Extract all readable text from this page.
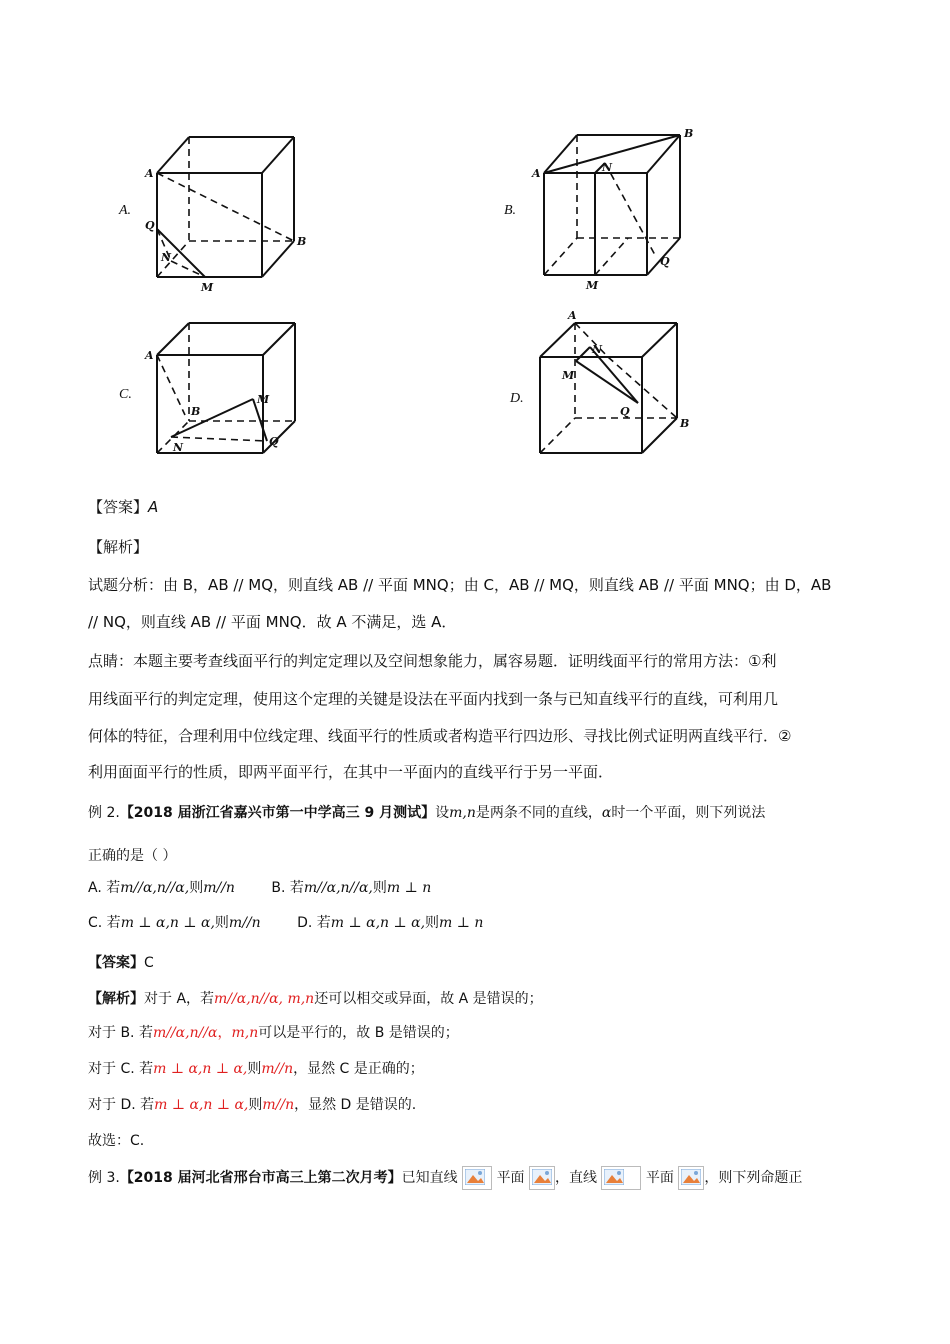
A.
A
B
Q
N
M
B.
A
B
N
M
Q
C.
A
B
M
N	Q
D.
A
N
M
Q
B
【答案】A
【解析】
试题分析：由 B，AB // MQ，则直线 AB // 平面 MNQ；由 C，AB // MQ，则直线 AB // 平面 MNQ；由 D，AB
// NQ，则直线 AB // 平面 MNQ．故 A 不满足，选 A．
点睛：本题主要考查线面平行的判定定理以及空间想象能力，属容易题．证明线面平行的常用方法：①利
用线面平行的判定定理，使用这个定理的关键是设法在平面内找到一条与已知直线平行的直线，可利用几
何体的特征，合理利用中位线定理、线面平行的性质或者构造平行四边形、寻找比例式证明两直线平行．②
利用面面平行的性质，即两平面平行，在其中一平面内的直线平行于另一平面．
例 2.【2018 届浙江省嘉兴市第一中学高三 9 月测试】设m,n是两条不同的直线，α时一个平面，则下列说法
正确的是（ ）
A. 若m//α,n//α,则m//n	B. 若m//α,n//α,则m ⊥ n
C. 若m ⊥ α,n ⊥ α,则m//n	D. 若m ⊥ α,n ⊥ α,则m ⊥ n
【答案】C
【解析】对于 A，若m//α,n//α, m,n还可以相交或异面，故 A 是错误的；
对于 B. 若m//α,n//α，m,n可以是平行的，故 B 是错误的；
对于 C. 若m ⊥ α,n ⊥ α,则m//n，显然 C 是正确的；
对于 D. 若m ⊥ α,n ⊥ α,则m//n，显然 D 是错误的.
故选：C.
例 3.【2018 届河北省邢台市高三上第二次月考】已知直线	平面 ，直线	平面 ，则下列命题正
